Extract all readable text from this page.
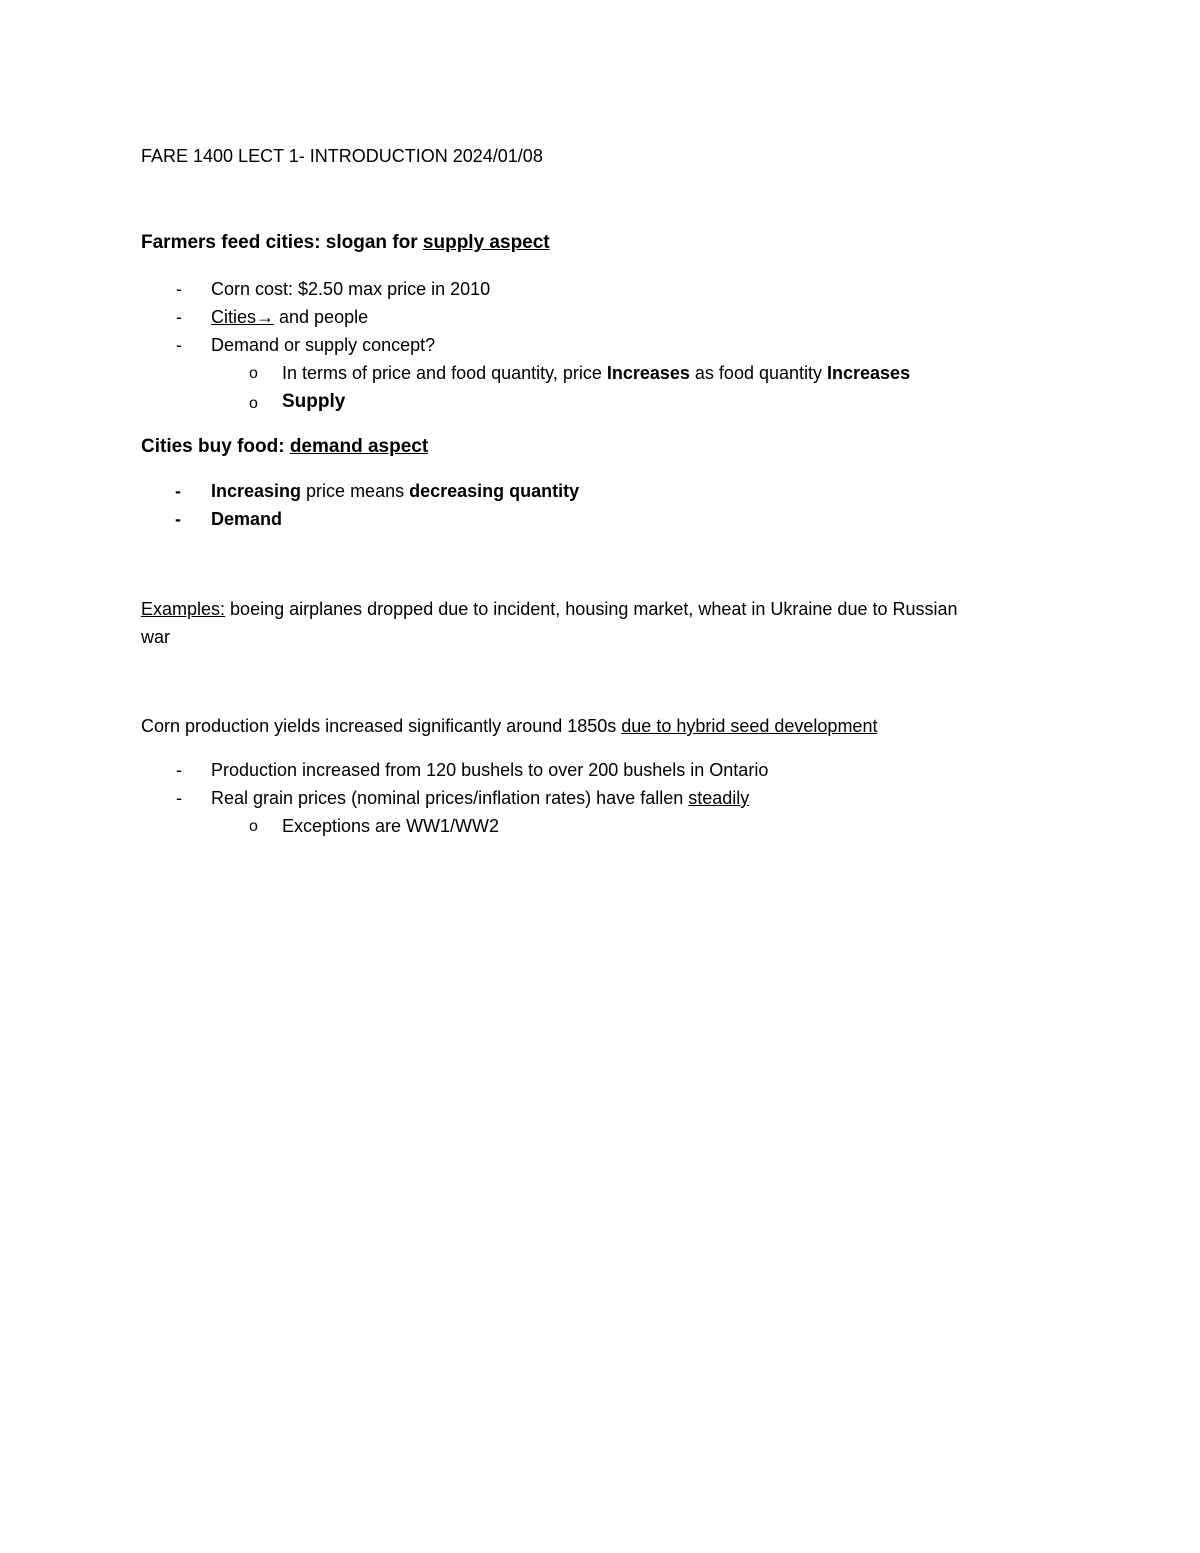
FARE 1400 LECT 1- INTRODUCTION 2024/01/08
Farmers feed cities: slogan for supply aspect
- Corn cost: $2.50 max price in 2010
- Cities→ and people
- Demand or supply concept?
o In terms of price and food quantity, price Increases as food quantity Increases
o Supply
Cities buy food: demand aspect
- Increasing price means decreasing quantity
- Demand
Examples: boeing airplanes dropped due to incident, housing market, wheat in Ukraine due to Russian
war
Corn production yields increased significantly around 1850s due to hybrid seed development
- Production increased from 120 bushels to over 200 bushels in Ontario
- Real grain prices (nominal prices/inflation rates) have fallen steadily
o Exceptions are WW1/WW2
